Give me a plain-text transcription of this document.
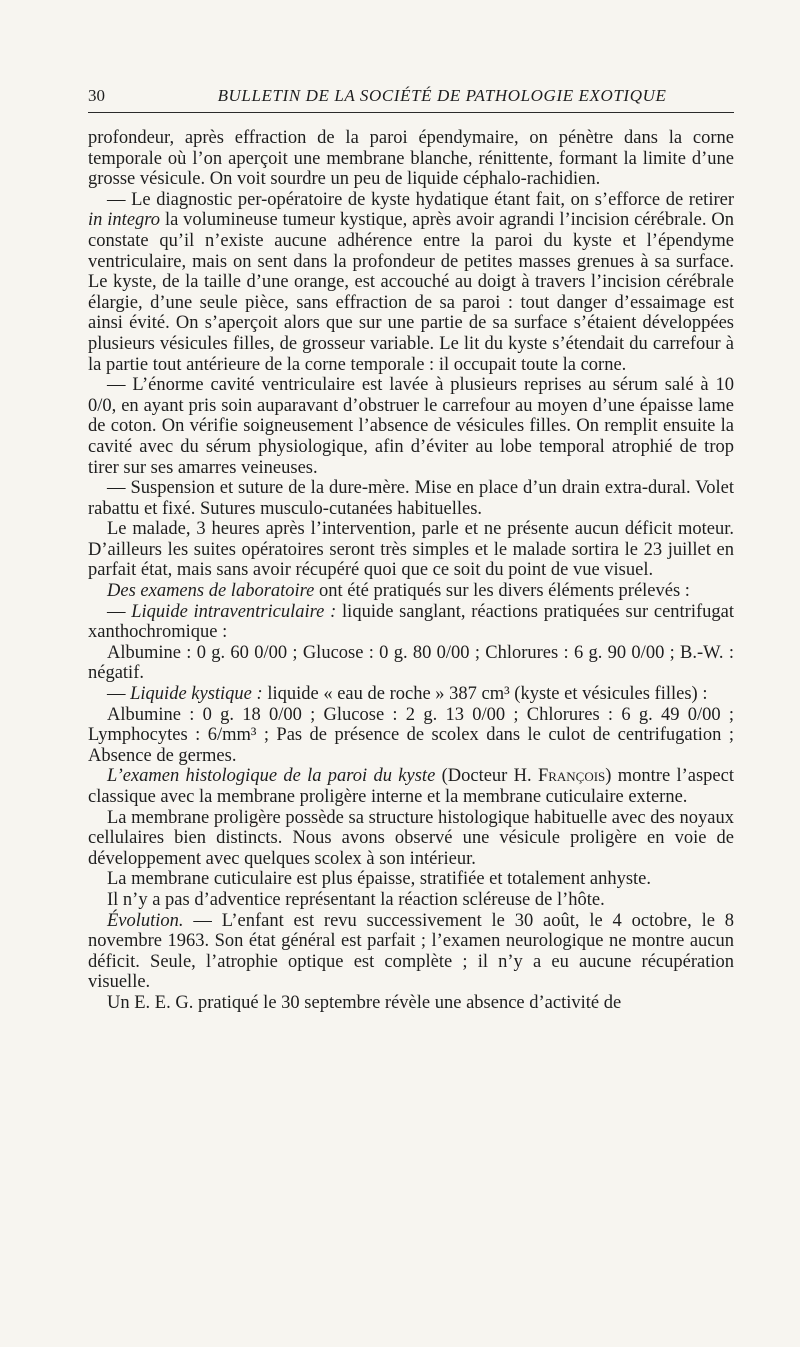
30	BULLETIN DE LA SOCIÉTÉ DE PATHOLOGIE EXOTIQUE

profondeur, après effraction de la paroi épendymaire, on pénètre dans la corne temporale où l’on aperçoit une membrane blanche, rénittente, formant la limite d’une grosse vésicule. On voit sourdre un peu de liquide céphalo-rachidien.

— Le diagnostic per-opératoire de kyste hydatique étant fait, on s’efforce de retirer in integro la volumineuse tumeur kystique, après avoir agrandi l’incision cérébrale. On constate qu’il n’existe aucune adhérence entre la paroi du kyste et l’épendyme ventriculaire, mais on sent dans la profondeur de petites masses grenues à sa surface. Le kyste, de la taille d’une orange, est accouché au doigt à travers l’incision cérébrale élargie, d’une seule pièce, sans effraction de sa paroi : tout danger d’essaimage est ainsi évité. On s’aperçoit alors que sur une partie de sa surface s’étaient développées plusieurs vésicules filles, de grosseur variable. Le lit du kyste s’étendait du carrefour à la partie tout antérieure de la corne temporale : il occupait toute la corne.

— L’énorme cavité ventriculaire est lavée à plusieurs reprises au sérum salé à 10 0/0, en ayant pris soin auparavant d’obstruer le carrefour au moyen d’une épaisse lame de coton. On vérifie soigneusement l’absence de vésicules filles. On remplit ensuite la cavité avec du sérum physiologique, afin d’éviter au lobe temporal atrophié de trop tirer sur ses amarres veineuses.

— Suspension et suture de la dure-mère. Mise en place d’un drain extra-dural. Volet rabattu et fixé. Sutures musculo-cutanées habituelles.

Le malade, 3 heures après l’intervention, parle et ne présente aucun déficit moteur. D’ailleurs les suites opératoires seront très simples et le malade sortira le 23 juillet en parfait état, mais sans avoir récupéré quoi que ce soit du point de vue visuel.

Des examens de laboratoire ont été pratiqués sur les divers éléments prélevés :

— Liquide intraventriculaire : liquide sanglant, réactions pratiquées sur centrifugat xanthochromique :

Albumine : 0 g. 60 0/00 ; Glucose : 0 g. 80 0/00 ; Chlorures : 6 g. 90 0/00 ; B.-W. : négatif.

— Liquide kystique : liquide « eau de roche » 387 cm³ (kyste et vésicules filles) :

Albumine : 0 g. 18 0/00 ; Glucose : 2 g. 13 0/00 ; Chlorures : 6 g. 49 0/00 ; Lymphocytes : 6/mm³ ; Pas de présence de scolex dans le culot de centrifugation ; Absence de germes.

L’examen histologique de la paroi du kyste (Docteur H. François) montre l’aspect classique avec la membrane proligère interne et la membrane cuticulaire externe.

La membrane proligère possède sa structure histologique habituelle avec des noyaux cellulaires bien distincts. Nous avons observé une vésicule proligère en voie de développement avec quelques scolex à son intérieur.

La membrane cuticulaire est plus épaisse, stratifiée et totalement anhyste.

Il n’y a pas d’adventice représentant la réaction scléreuse de l’hôte.

Évolution. — L’enfant est revu successivement le 30 août, le 4 octobre, le 8 novembre 1963. Son état général est parfait ; l’examen neurologique ne montre aucun déficit. Seule, l’atrophie optique est complète ; il n’y a eu aucune récupération visuelle.

Un E. E. G. pratiqué le 30 septembre révèle une absence d’activité de
